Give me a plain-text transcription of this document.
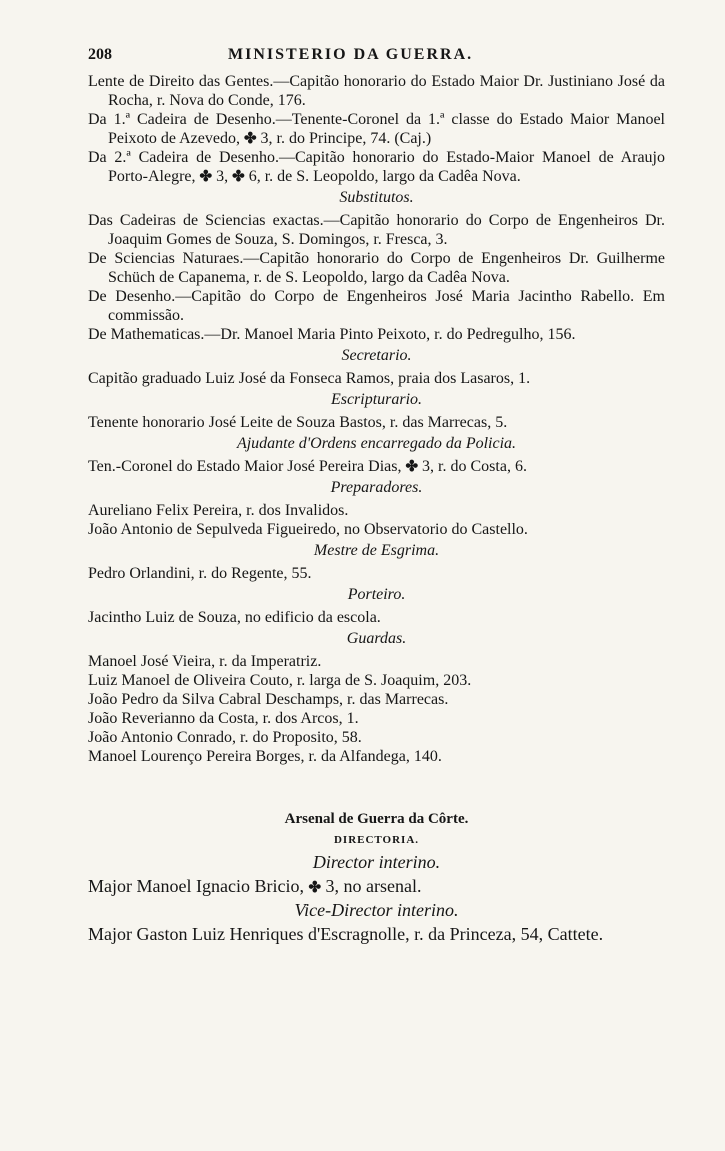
208	MINISTERIO DA GUERRA.

Lente de Direito das Gentes.—Capitão honorario do Estado Maior Dr. Justiniano José da Rocha, r. Nova do Conde, 176.

Da 1.ª Cadeira de Desenho.—Tenente-Coronel da 1.ª classe do Estado Maior Manoel Peixoto de Azevedo, ✤ 3, r. do Principe, 74. (Caj.)

Da 2.ª Cadeira de Desenho.—Capitão honorario do Estado-Maior Manoel de Araujo Porto-Alegre, ✤ 3, ✤ 6, r. de S. Leopoldo, largo da Cadêa Nova.

Substitutos.

Das Cadeiras de Sciencias exactas.—Capitão honorario do Corpo de Engenheiros Dr. Joaquim Gomes de Souza, S. Domingos, r. Fresca, 3.

De Sciencias Naturaes.—Capitão honorario do Corpo de Engenheiros Dr. Guilherme Schüch de Capanema, r. de S. Leopoldo, largo da Cadêa Nova.

De Desenho.—Capitão do Corpo de Engenheiros José Maria Jacintho Rabello. Em commissão.

De Mathematicas.—Dr. Manoel Maria Pinto Peixoto, r. do Pedregulho, 156.

Secretario.

Capitão graduado Luiz José da Fonseca Ramos, praia dos Lasaros, 1.

Escripturario.

Tenente honorario José Leite de Souza Bastos, r. das Marrecas, 5.

Ajudante d'Ordens encarregado da Policia.

Ten.-Coronel do Estado Maior José Pereira Dias, ✤ 3, r. do Costa, 6.

Preparadores.

Aureliano Felix Pereira, r. dos Invalidos.

João Antonio de Sepulveda Figueiredo, no Observatorio do Castello.

Mestre de Esgrima.

Pedro Orlandini, r. do Regente, 55.

Porteiro.

Jacintho Luiz de Souza, no edificio da escola.

Guardas.

Manoel José Vieira, r. da Imperatriz.

Luiz Manoel de Oliveira Couto, r. larga de S. Joaquim, 203.

João Pedro da Silva Cabral Deschamps, r. das Marrecas.

João Reverianno da Costa, r. dos Arcos, 1.

João Antonio Conrado, r. do Proposito, 58.

Manoel Lourenço Pereira Borges, r. da Alfandega, 140.

Arsenal de Guerra da Côrte.
DIRECTORIA.
Director interino.

Major Manoel Ignacio Bricio, ✤ 3, no arsenal.

Vice-Director interino.

Major Gaston Luiz Henriques d'Escragnolle, r. da Princeza, 54, Cattete.
